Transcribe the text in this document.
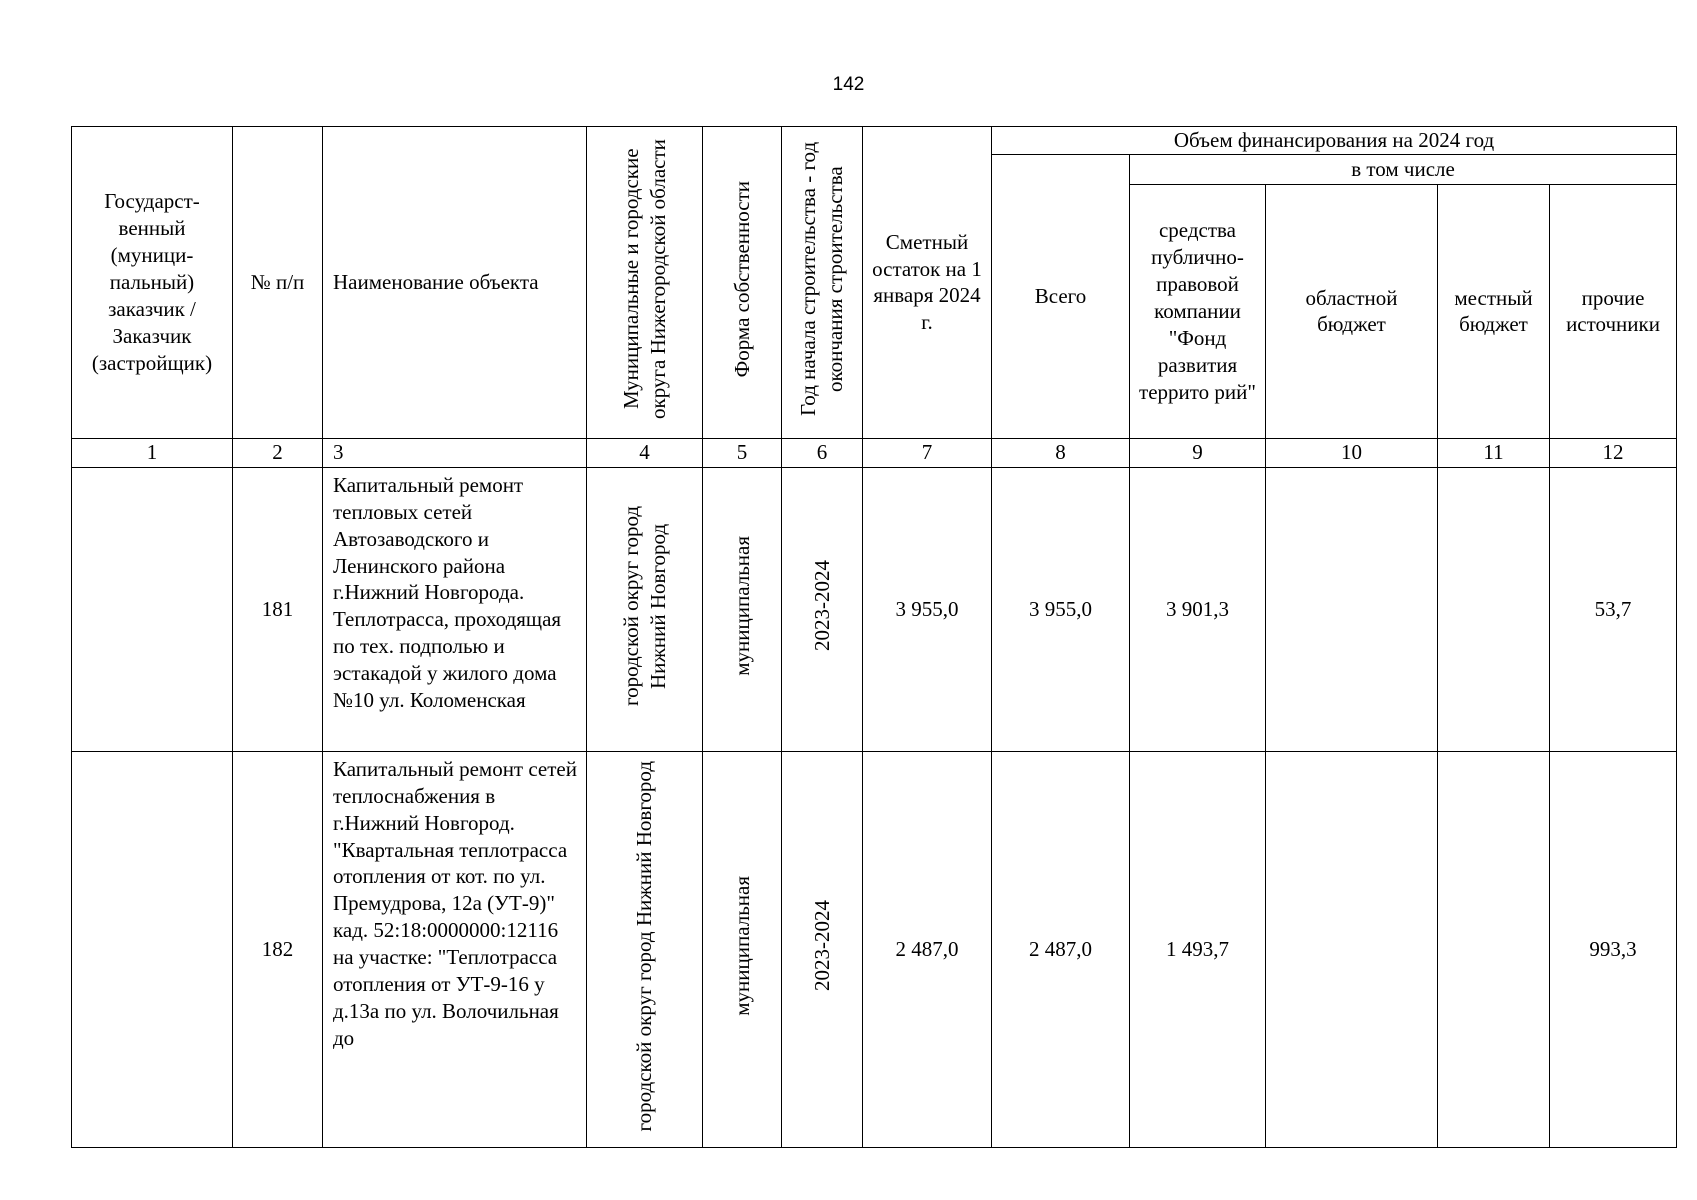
142
Государст-венный (муници-пальный) заказчик / Заказчик (застройщик)	№ п/п	Наименование объекта	Муниципальные и городские округа Нижегородской области	Форма собственности	Год начала строительства - год окончания строительства	Сметный остаток на 1 января 2024 г.	Объем финансирования на 2024 год				
							Всего	в том числе			
								средства публично-правовой компании "Фонд развития террито рий"	областной бюджет	местный бюджет	прочие источники
1	2	3	4	5	6	7	8	9	10	11	12
	181	Капитальный ремонт тепловых сетей Автозаводского и Ленинского района г.Нижний Новгорода. Теплотрасса, проходящая по тех. подполью и эстакадой у жилого дома №10 ул. Коломенская	городской округ город Нижний Новгород	муниципальная	2023-2024	3 955,0	3 955,0	3 901,3			53,7
	182	Капитальный ремонт сетей теплоснабжения в г.Нижний Новгород. "Квартальная теплотрасса отопления от кот. по ул. Премудрова, 12а (УТ-9)" кад. 52:18:0000000:12116 на участке: "Теплотрасса отопления от УТ-9-16 у д.13а по ул. Волочильная до	городской округ город Нижний Новгород	муниципальная	2023-2024	2 487,0	2 487,0	1 493,7			993,3
